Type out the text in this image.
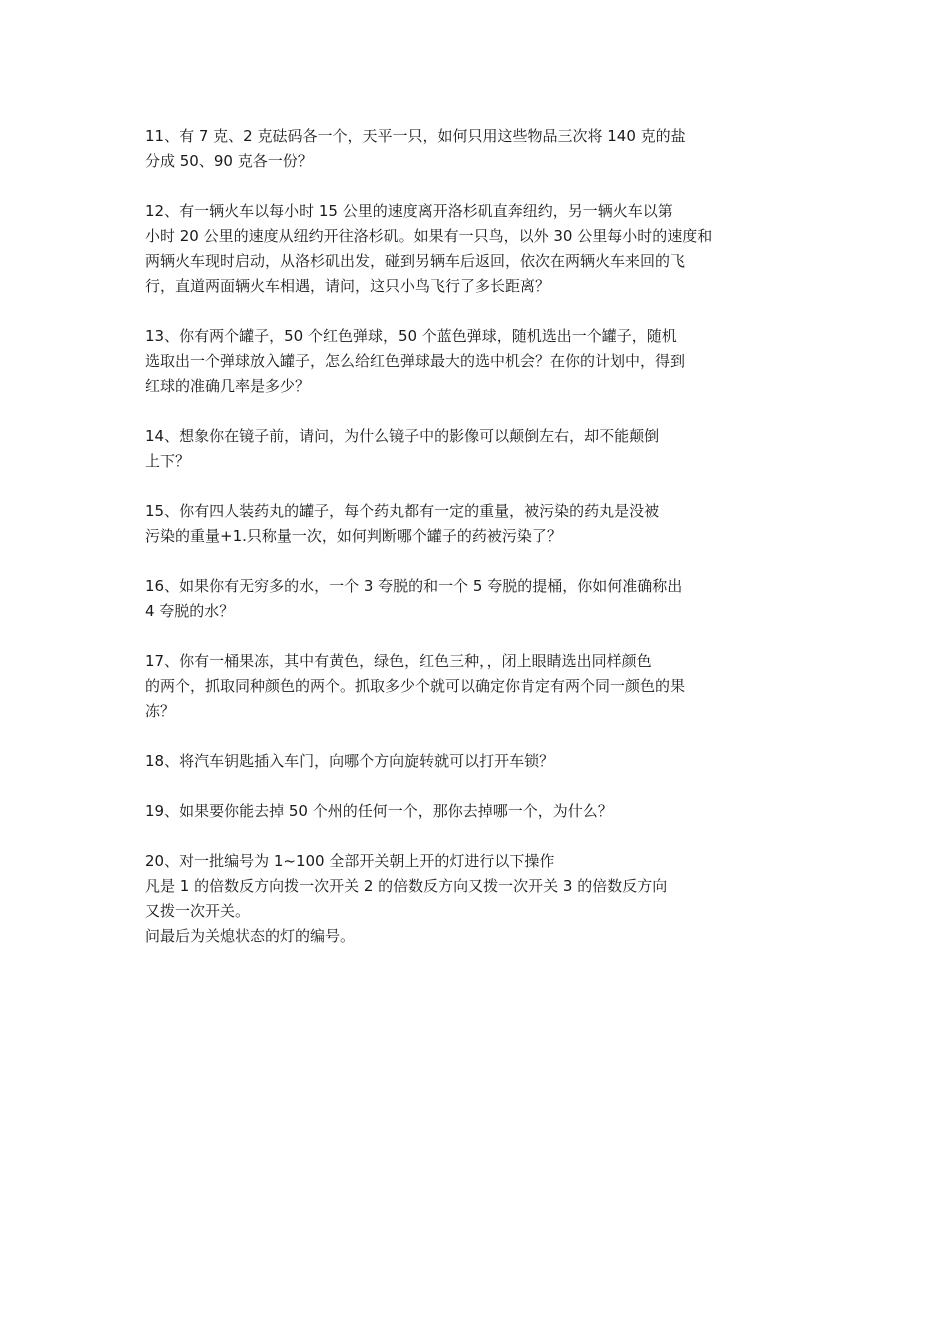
11、有 7 克、2 克砝码各一个，天平一只，如何只用这些物品三次将 140 克的盐
分成 50、90 克各一份？
12、有一辆火车以每小时 15 公里的速度离开洛杉矶直奔纽约，另一辆火车以第
小时 20 公里的速度从纽约开往洛杉矶。如果有一只鸟，以外 30 公里每小时的速度和
两辆火车现时启动，从洛杉矶出发，碰到另辆车后返回，依次在两辆火车来回的飞
行，直道两面辆火车相遇，请问，这只小鸟飞行了多长距离？
13、你有两个罐子，50 个红色弹球，50 个蓝色弹球，随机选出一个罐子，随机
选取出一个弹球放入罐子，怎么给红色弹球最大的选中机会？在你的计划中，得到
红球的准确几率是多少？
14、想象你在镜子前，请问，为什么镜子中的影像可以颠倒左右，却不能颠倒
上下？
15、你有四人装药丸的罐子，每个药丸都有一定的重量，被污染的药丸是没被
污染的重量+1.只称量一次，如何判断哪个罐子的药被污染了？
16、如果你有无穷多的水，一个 3 夸脱的和一个 5 夸脱的提桶，你如何准确称出
4 夸脱的水？
17、你有一桶果冻，其中有黄色，绿色，红色三种，，闭上眼睛选出同样颜色
的两个，抓取同种颜色的两个。抓取多少个就可以确定你肯定有两个同一颜色的果
冻？
18、将汽车钥匙插入车门，向哪个方向旋转就可以打开车锁？
19、如果要你能去掉 50 个州的任何一个，那你去掉哪一个，为什么？
20、对一批编号为 1~100 全部开关朝上开的灯进行以下操作
凡是 1 的倍数反方向拨一次开关 2 的倍数反方向又拨一次开关 3 的倍数反方向
又拨一次开关。
问最后为关熄状态的灯的编号。
